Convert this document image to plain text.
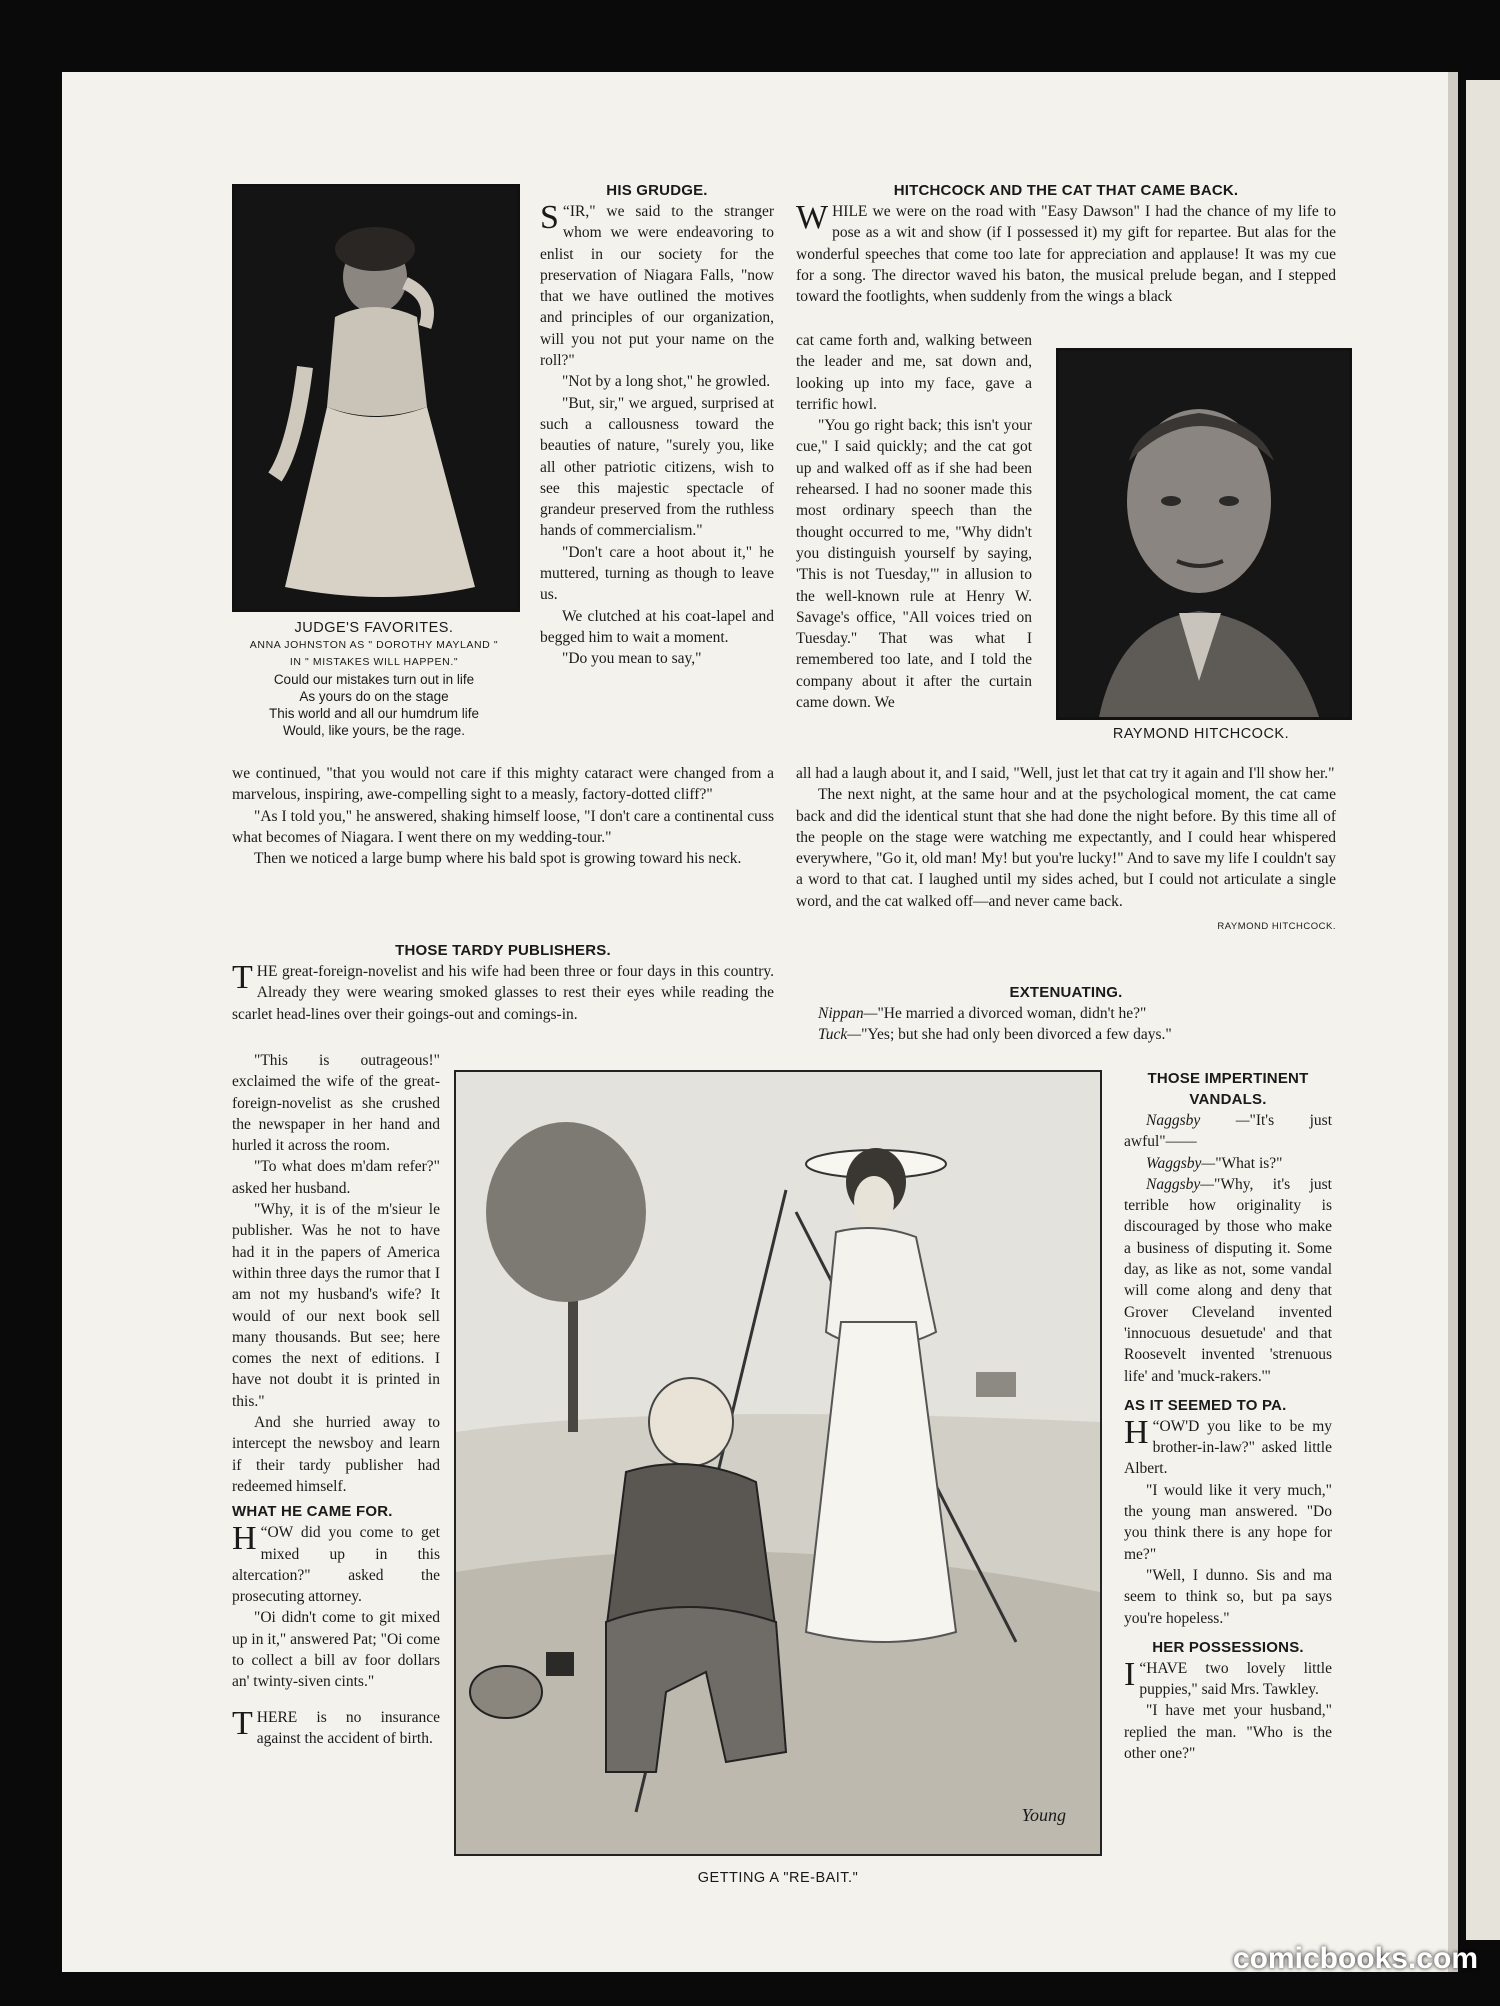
JUDGE'S FAVORITES.
ANNA JOHNSTON AS " DOROTHY MAYLAND "
IN " MISTAKES WILL HAPPEN."
Could our mistakes turn out in life
As yours do on the stage
This world and all our humdrum life
Would, like yours, be the rage.
HIS GRUDGE.

“
S IR," we said to the stranger whom we were endeavoring to enlist in our society for the preservation of Niagara Falls, "now that we have outlined the motives and principles of our organization, will you not put your name on the roll?"

"Not by a long shot," he growled.

"But, sir," we argued, surprised at such a callousness toward the beauties of nature, "surely you, like all other patriotic citizens, wish to see this majestic spectacle of grandeur preserved from the ruthless hands of commercialism."

"Don't care a hoot about it," he muttered, turning as though to leave us.

We clutched at his coat-lapel and begged him to wait a moment.

"Do you mean to say,"

we continued, "that you would not care if this mighty cataract were changed from a marvelous, inspiring, awe-compelling sight to a measly, factory-dotted cliff?"

"As I told you," he answered, shaking himself loose, "I don't care a continental cuss what becomes of Niagara. I went there on my wedding-tour."

Then we noticed a large bump where his bald spot is growing toward his neck.

HITCHCOCK AND THE CAT THAT CAME BACK.

WHILE we were on the road with "Easy Dawson" I had the chance of my life to pose as a wit and show (if I possessed it) my gift for repartee. But alas for the wonderful speeches that come too late for appreciation and applause! It was my cue for a song. The director waved his baton, the musical prelude began, and I stepped toward the footlights, when suddenly from the wings a black

cat came forth and, walking between the leader and me, sat down and, looking up into my face, gave a terrific howl.

"You go right back; this isn't your cue," I said quickly; and the cat got up and walked off as if she had been rehearsed. I had no sooner made this most ordinary speech than the thought occurred to me, "Why didn't you distinguish yourself by saying, 'This is not Tuesday,'" in allusion to the well-known rule at Henry W. Savage's office, "All voices tried on Tuesday." That was what I remembered too late, and I told the company about it after the curtain came down. We

RAYMOND HITCHCOCK.

all had a laugh about it, and I said, "Well, just let that cat try it again and I'll show her."

The next night, at the same hour and at the psychological moment, the cat came back and did the identical stunt that she had done the night before. By this time all of the people on the stage were watching me expectantly, and I could hear whispered everywhere, "Go it, old man! My! but you're lucky!" And to save my life I couldn't say a word to that cat. I laughed until my sides ached, but I could not articulate a single word, and the cat walked off—and never came back.

RAYMOND HITCHCOCK.
EXTENUATING.
Nippan—"He married a divorced woman, didn't he?"
Tuck—"Yes; but she had only been divorced a few days."
THOSE TARDY PUBLISHERS.

THE great-foreign-novelist and his wife had been three or four days in this country. Already they were wearing smoked glasses to rest their eyes while reading the scarlet head-lines over their goings-out and comings-in.

"This is outrageous!" exclaimed the wife of the great-foreign-novelist as she crushed the newspaper in her hand and hurled it across the room.

"To what does m'dam refer?" asked her husband.

"Why, it is of the m'sieur le publisher. Was he not to have had it in the papers of America within three days the rumor that I am not my husband's wife? It would of our next book sell many thousands. But see; here comes the next of editions. I have not doubt it is printed in this."

And she hurried away to intercept the newsboy and learn if their tardy publisher had redeemed himself.

WHAT HE CAME FOR.

“
H OW did you come to get mixed up in this altercation?" asked the prosecuting attorney.

"Oi didn't come to git mixed up in it," answered Pat; "Oi come to collect a bill av foor dollars an' twinty-siven cints."

THERE is no insurance against the accident of birth.

Young
GETTING A "RE-BAIT."
THOSE IMPERTINENT
VANDALS.

Naggsby —"It's just awful"——

Waggsby—"What is?"

Naggsby—"Why, it's just terrible how originality is discouraged by those who make a business of disputing it. Some day, as like as not, some vandal will come along and deny that Grover Cleveland invented 'innocuous desuetude' and that Roosevelt invented 'strenuous life' and 'muck-rakers.'"

AS IT SEEMED TO PA.

“
H OW'D you like to be my brother-in-law?" asked little Albert.

"I would like it very much," the young man answered. "Do you think there is any hope for me?"

"Well, I dunno. Sis and ma seem to think so, but pa says you're hopeless."

HER POSSESSIONS.

“
I HAVE two lovely little puppies," said Mrs. Tawkley.

"I have met your husband," replied the man. "Who is the other one?"

comicbooks.com
